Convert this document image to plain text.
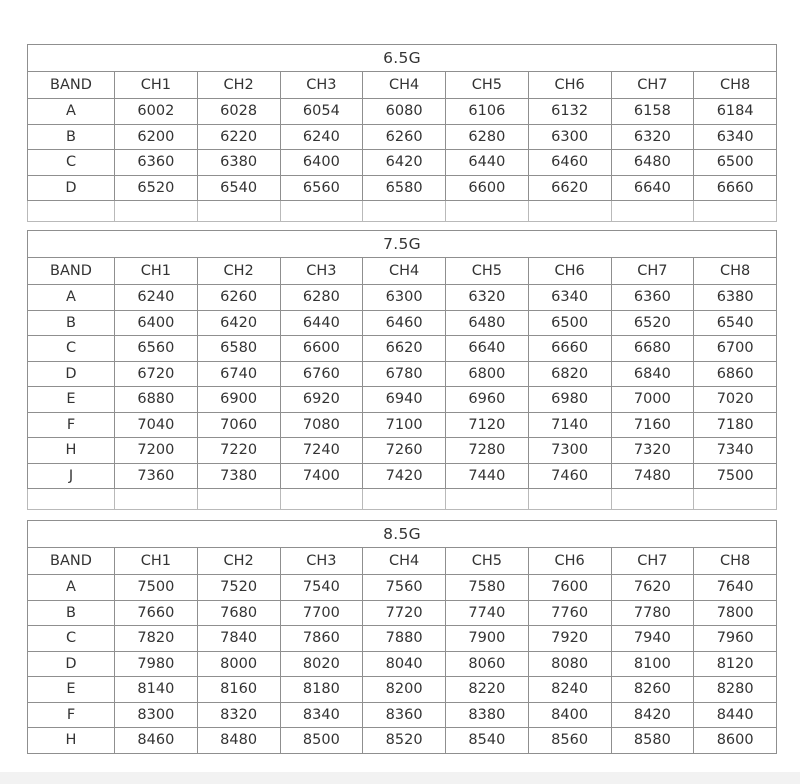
6.5G								
BAND	CH1	CH2	CH3	CH4	CH5	CH6	CH7	CH8
A	6002	6028	6054	6080	6106	6132	6158	6184
B	6200	6220	6240	6260	6280	6300	6320	6340
C	6360	6380	6400	6420	6440	6460	6480	6500
D	6520	6540	6560	6580	6600	6620	6640	6660

7.5G								
BAND	CH1	CH2	CH3	CH4	CH5	CH6	CH7	CH8
A	6240	6260	6280	6300	6320	6340	6360	6380
B	6400	6420	6440	6460	6480	6500	6520	6540
C	6560	6580	6600	6620	6640	6660	6680	6700
D	6720	6740	6760	6780	6800	6820	6840	6860
E	6880	6900	6920	6940	6960	6980	7000	7020
F	7040	7060	7080	7100	7120	7140	7160	7180
H	7200	7220	7240	7260	7280	7300	7320	7340
J	7360	7380	7400	7420	7440	7460	7480	7500

8.5G								
BAND	CH1	CH2	CH3	CH4	CH5	CH6	CH7	CH8
A	7500	7520	7540	7560	7580	7600	7620	7640
B	7660	7680	7700	7720	7740	7760	7780	7800
C	7820	7840	7860	7880	7900	7920	7940	7960
D	7980	8000	8020	8040	8060	8080	8100	8120
E	8140	8160	8180	8200	8220	8240	8260	8280
F	8300	8320	8340	8360	8380	8400	8420	8440
H	8460	8480	8500	8520	8540	8560	8580	8600
